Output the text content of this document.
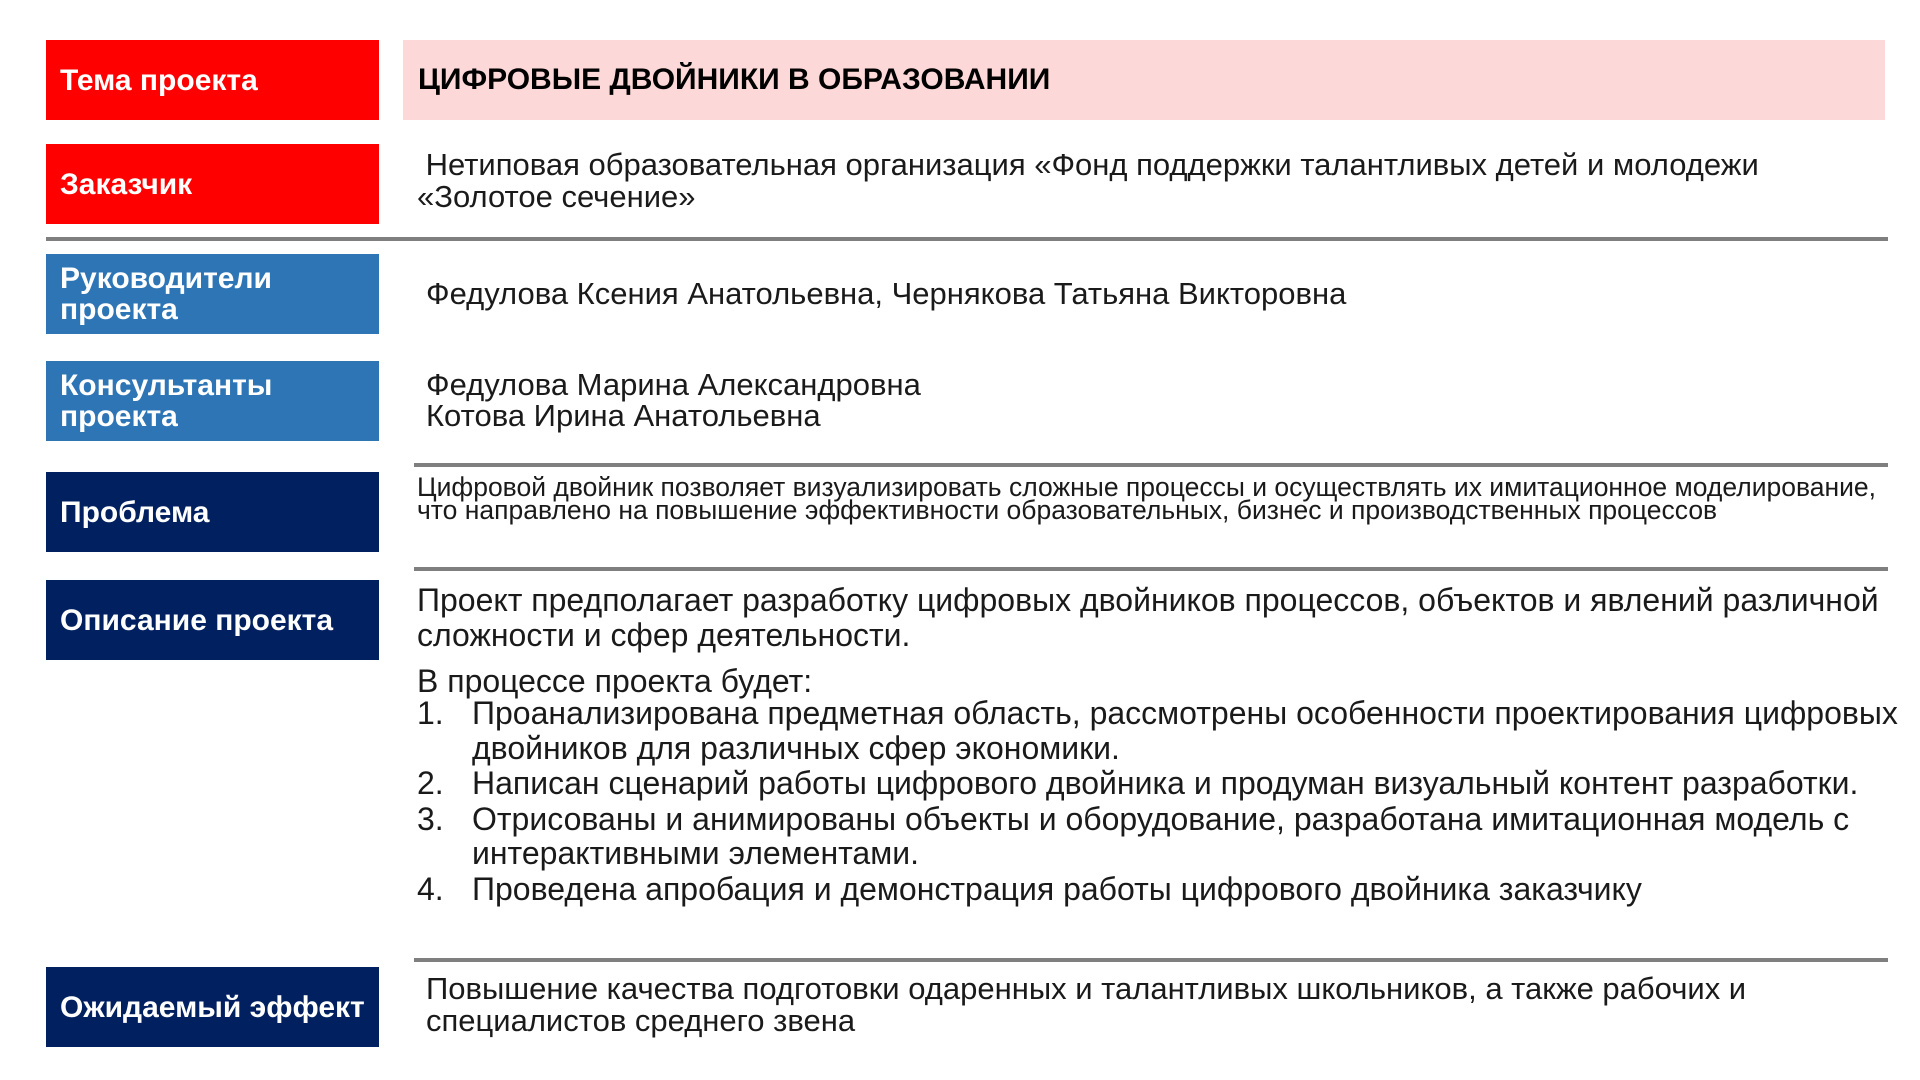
Тема проекта	ЦИФРОВЫЕ ДВОЙНИКИ В ОБРАЗОВАНИИ
Заказчик

Нетиповая образовательная организация «Фонд поддержки талантливых детей и молодежи «Золотое сечение»

Руководители проекта	Федулова Ксения Анатольевна, Чернякова Татьяна Викторовна

Консультанты проекта

Федулова Марина Александровна

Котова Ирина Анатольевна

Проблема

Цифровой двойник позволяет визуализировать сложные процессы и осуществлять их имитационное моделирование, что направлено на повышение эффективности образовательных, бизнес и производственных процессов

Описание проекта

Проект предполагает разработку цифровых двойников процессов, объектов и явлений различной сложности и сфер деятельности.

В процессе проекта будет:

1. Проанализирована предметная область, рассмотрены особенности проектирования цифровых двойников для различных сфер экономики.
2. Написан сценарий работы цифрового двойника и продуман визуальный контент разработки.
3. Отрисованы и анимированы объекты и оборудование, разработана имитационная модель с интерактивными элементами.
4. Проведена апробация и демонстрация работы цифрового двойника заказчику
Ожидаемый эффект

Повышение качества подготовки одаренных и талантливых школьников, а также рабочих и специалистов среднего звена
